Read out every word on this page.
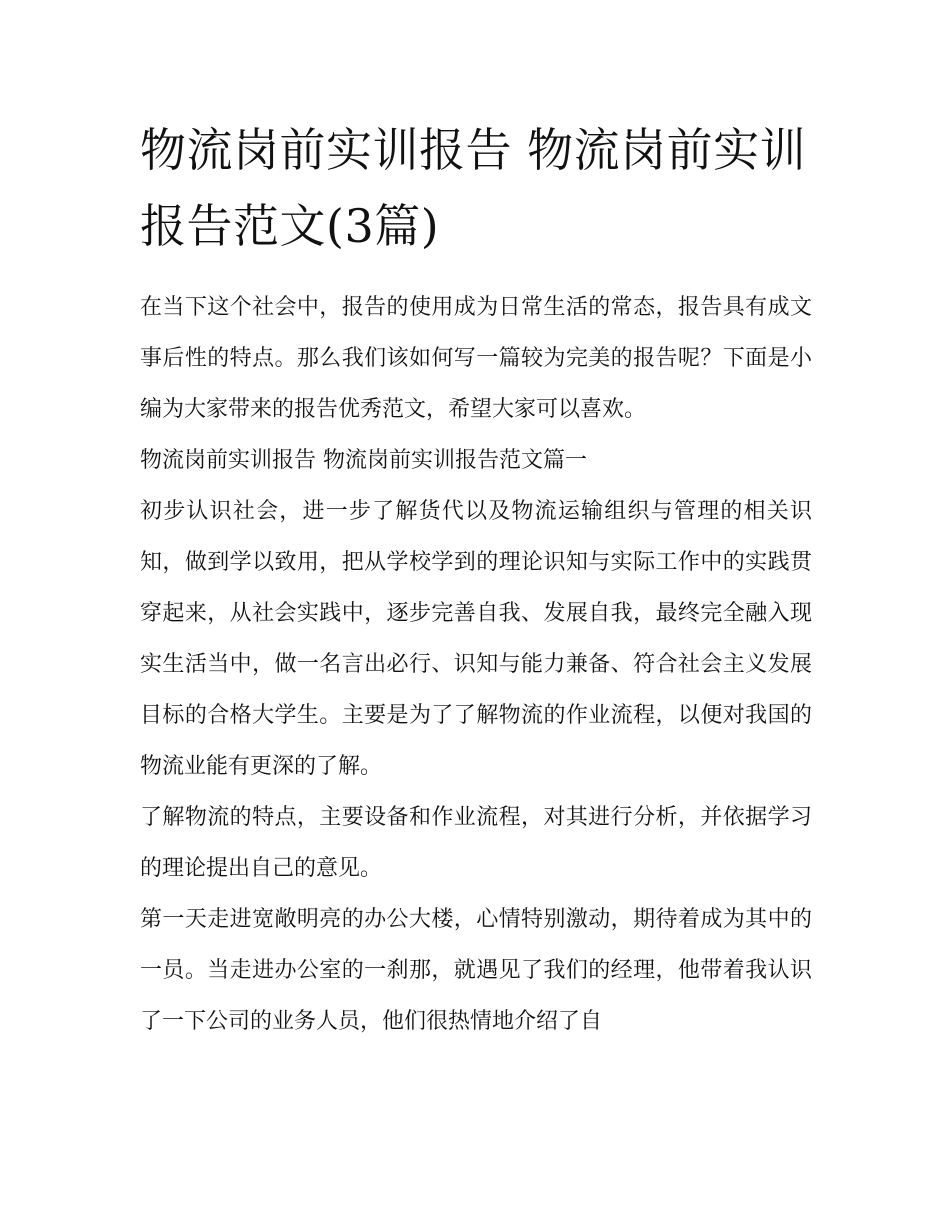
物流岗前实训报告 物流岗前实训报告范文(3篇)

在当下这个社会中，报告的使用成为日常生活的常态，报告具有成文事后性的特点。那么我们该如何写一篇较为完美的报告呢？下面是小编为大家带来的报告优秀范文，希望大家可以喜欢。

物流岗前实训报告 物流岗前实训报告范文篇一

初步认识社会，进一步了解货代以及物流运输组织与管理的相关识知，做到学以致用，把从学校学到的理论识知与实际工作中的实践贯穿起来，从社会实践中，逐步完善自我、发展自我，最终完全融入现实生活当中，做一名言出必行、识知与能力兼备、符合社会主义发展目标的合格大学生。主要是为了了解物流的作业流程，以便对我国的物流业能有更深的了解。

了解物流的特点，主要设备和作业流程，对其进行分析，并依据学习的理论提出自己的意见。

第一天走进宽敞明亮的办公大楼，心情特别激动，期待着成为其中的一员。当走进办公室的一刹那，就遇见了我们的经理，他带着我认识了一下公司的业务人员，他们很热情地介绍了自
